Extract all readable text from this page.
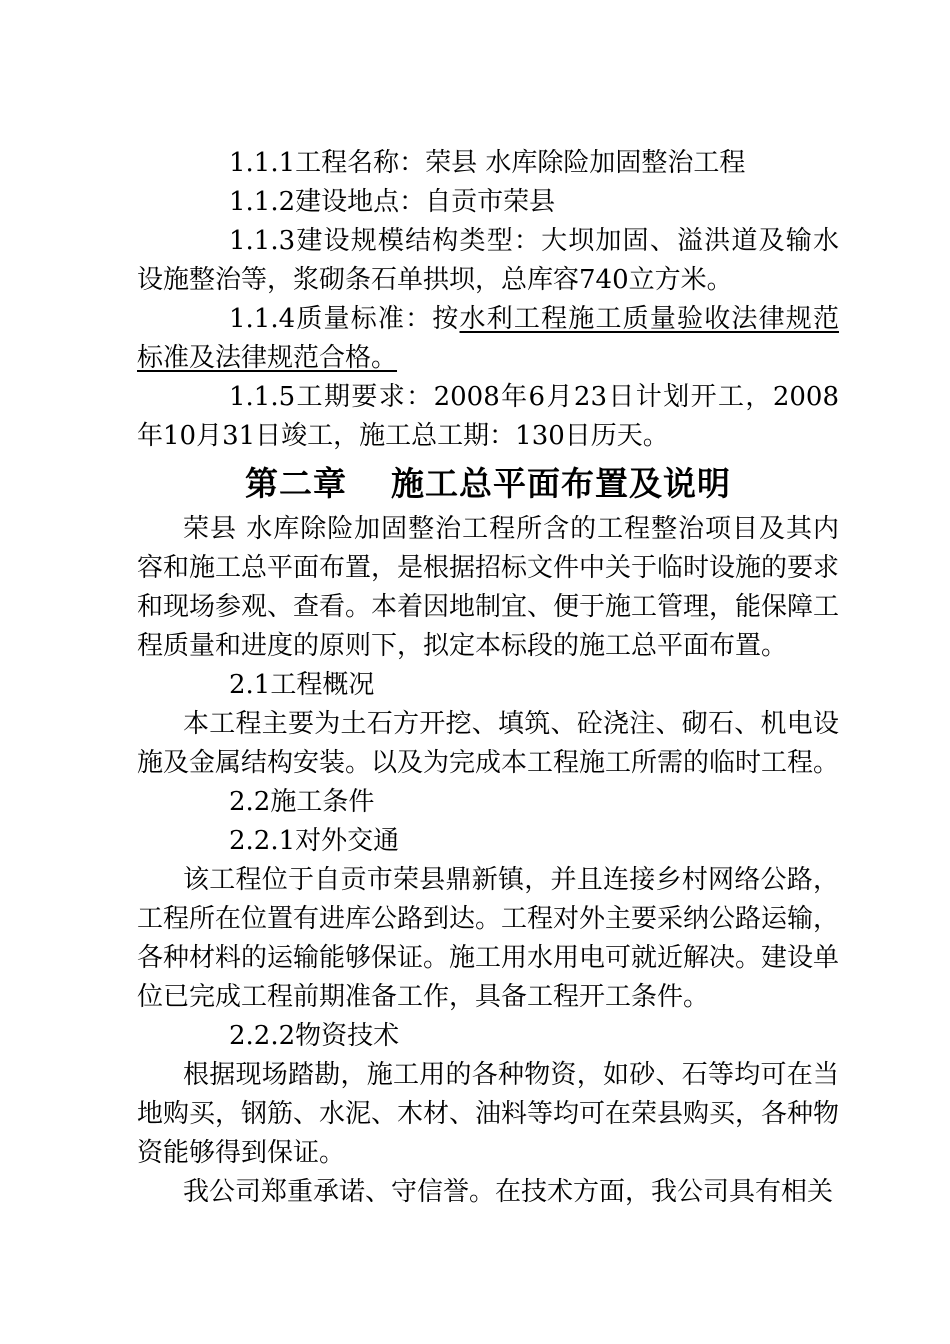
1.1.1工程名称：荣县 水库除险加固整治工程

1.1.2建设地点：自贡市荣县

1.1.3建设规模结构类型：大坝加固、溢洪道及输水设施整治等，浆砌条石单拱坝，总库容740立方米。

1.1.4质量标准：按水利工程施工质量验收法律规范标准及法律规范合格。

1.1.5工期要求：2008年6月23日计划开工，2008年10月31日竣工，施工总工期：130日历天。

第二章 施工总平面布置及说明

荣县 水库除险加固整治工程所含的工程整治项目及其内容和施工总平面布置，是根据招标文件中关于临时设施的要求和现场参观、查看。本着因地制宜、便于施工管理，能保障工程质量和进度的原则下，拟定本标段的施工总平面布置。

2.1工程概况

本工程主要为土石方开挖、填筑、砼浇注、砌石、机电设施及金属结构安装。以及为完成本工程施工所需的临时工程。

2.2施工条件

2.2.1对外交通

该工程位于自贡市荣县鼎新镇，并且连接乡村网络公路，工程所在位置有进库公路到达。工程对外主要采纳公路运输，各种材料的运输能够保证。施工用水用电可就近解决。建设单位已完成工程前期准备工作，具备工程开工条件。

2.2.2物资技术

根据现场踏勘，施工用的各种物资，如砂、石等均可在当地购买，钢筋、水泥、木材、油料等均可在荣县购买，各种物资能够得到保证。

我公司郑重承诺、守信誉。在技术方面，我公司具有相关
